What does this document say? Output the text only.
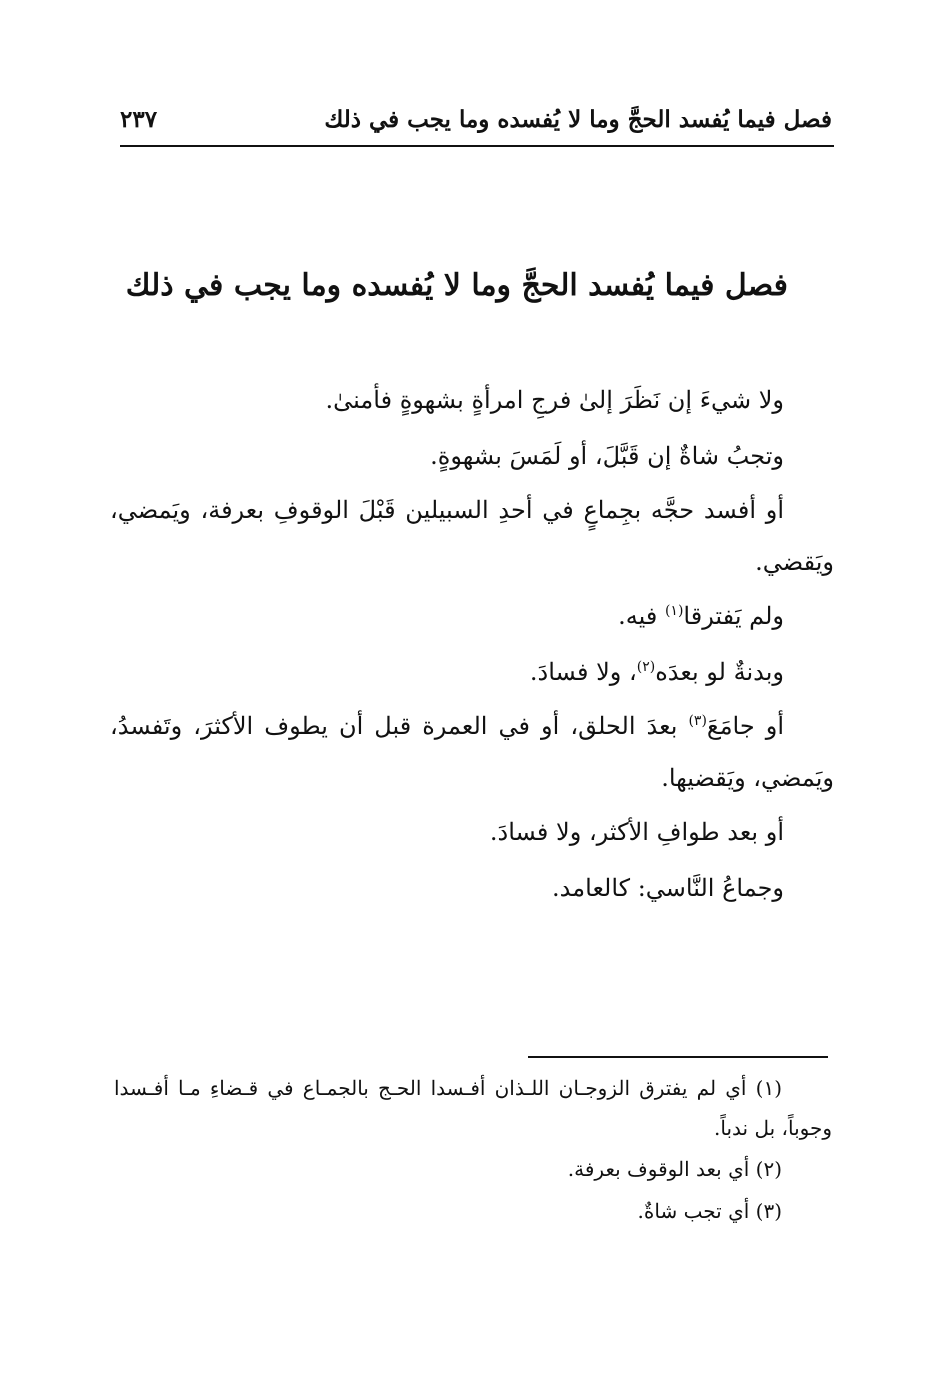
فصل فيما يُفسد الحجَّ وما لا يُفسده وما يجب في ذلك
٢٣٧
فصل فيما يُفسد الحجَّ وما لا يُفسده وما يجب في ذلك

ولا شيءَ إن نَظَرَ إلىٰ فرجِ امرأةٍ بشهوةٍ فأمنىٰ.

وتجبُ شاةٌ إن قَبَّلَ، أو لَمَسَ بشهوةٍ.

أو أفسد حجَّه بجِماعٍ في أحدِ السبيلين قَبْلَ الوقوفِ بعرفة، ويَمضي، ويَقضي.

ولم يَفترقا$^{(١)}$ فيه.

وبدنةٌ لو بعدَه$^{(٢)}$، ولا فسادَ.

أو جامَعَ$^{(٣)}$ بعدَ الحلق، أو في العمرة قبل أن يطوف الأكثرَ، وتَفسدُ، ويَمضي، ويَقضيها.

أو بعد طوافِ الأكثر، ولا فسادَ.

وجماعُ النَّاسي: كالعامد.

(١) أي لم يفترق الزوجـان اللـذان أفـسدا الحـج بالجمـاع في قـضاءِ مـا أفـسدا وجوباً، بل ندباً.

(٢) أي بعد الوقوف بعرفة.

(٣) أي تجب شاةٌ.
